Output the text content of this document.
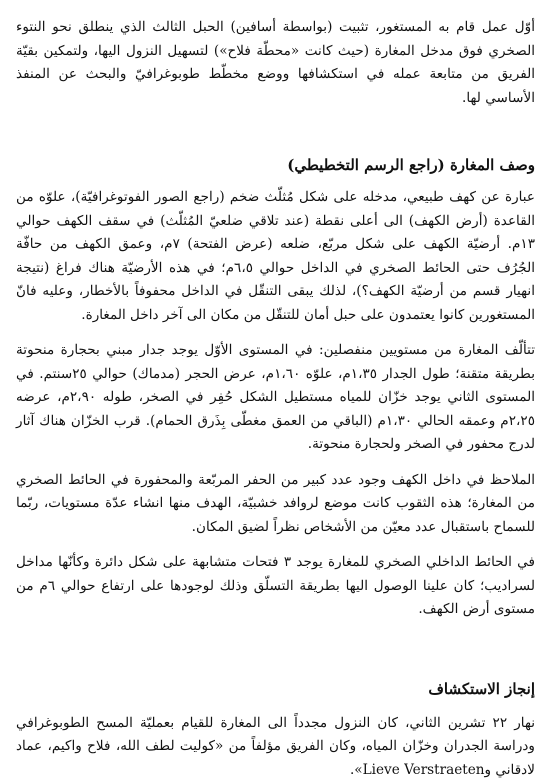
أوّل عمل قام به المستغور، تثبيت (بواسطة أسافين) الحبل الثالث الذي ينطلق نحو النتوء الصخري فوق مدخل المغارة (حيث كانت «محطّة فلاح») لتسهيل النزول اليها، ولتمكين بقيّة الفريق من متابعة عمله في استكشافها ووضع مخطّط طوبوغرافيّ والبحث عن المنفذ الأساسي لها.

وصف المغارة (راجع الرسم التخطيطي)

عبارة عن كهف طبيعي، مدخله على شكل مُثلّث ضخم (راجع الصور الفوتوغرافيّة)، علوّه من القاعدة (أرض الكهف) الى أعلى نقطة (عند تلاقي ضلعيّ المُثلّث) في سقف الكهف حوالي ١٣م. أرضيّة الكهف على شكل مربّع، ضلعه (عرض الفتحة) ٧م، وعمق الكهف من حافّة الجُرُف حتى الحائط الصخري في الداخل حوالي ٦،٥م؛ في هذه الأرضيّة هناك فراغ (نتيجة انهيار قسم من أرضيّة الكهف؟)، لذلك يبقى التنقّل في الداخل محفوفاً بالأخطار، وعليه فانّ المستغورين كانوا يعتمدون على حبل أمان للتنقّل من مكان الى آخر داخل المغارة.

تتألّف المغارة من مستويين منفصلين: في المستوى الأوّل يوجد جدار مبني بحجارة منحوتة بطريقة متقنة؛ طول الجدار ١،٣٥م، علوّه ١،٦٠م، عرض الحجر (مدماك) حوالي ٢٥سنتم. في المستوى الثاني يوجد خزّان للمياه مستطيل الشكل حُفِر في الصخر، طوله ٢،٩٠م، عرضه ٢،٢٥م وعمقه الحالي ١،٣٠م (الباقي من العمق مغطّى بِذَرق الحمام). قرب الخزّان هناك آثار لدرج محفور في الصخر ولحجارة منحوتة.

الملاحظ في داخل الكهف وجود عدد كبير من الحفر المربّعة والمحفورة في الحائط الصخري من المغارة؛ هذه الثقوب كانت موضع لروافد خشبيّة، الهدف منها انشاء عدّة مستويات، ربّما للسماح باستقبال عدد معيّن من الأشخاص نظراً لضيق المكان.

في الحائط الداخلي الصخري للمغارة يوجد ٣ فتحات متشابهة على شكل دائرة وكأنّها مداخل لسراديب؛ كان علينا الوصول اليها بطريقة التسلّق وذلك لوجودها على ارتفاع حوالي ٦م من مستوى أرض الكهف.

إنجاز الاستكشاف

نهار ٢٢ تشرين الثاني، كان النزول مجدداً الى المغارة للقيام بعمليّة المسح الطوبوغرافي ودراسة الجدران وخزّان المياه، وكان الفريق مؤلفاً من «كوليت لطف الله، فلاح واكيم، عماد لادقاني وLieve Verstraeten».
